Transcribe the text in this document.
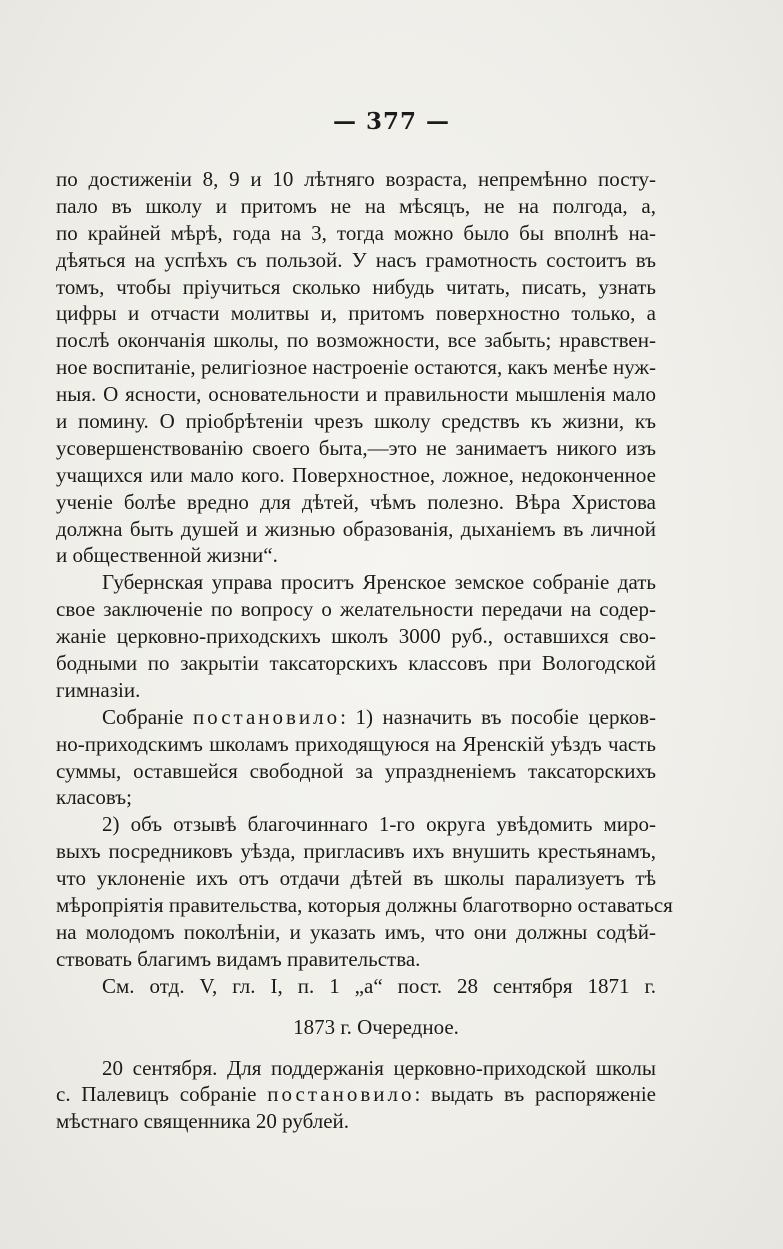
— 377 —
по достиженіи 8, 9 и 10 лѣтняго возраста, непремѣнно посту-
пало въ школу и притомъ не на мѣсяцъ, не на полгода, а,
по крайней мѣрѣ, года на 3, тогда можно было бы вполнѣ на-
дѣяться на успѣхъ съ пользой. У насъ грамотность состоитъ въ
томъ, чтобы пріучиться сколько нибудь читать, писать, узнать
цифры и отчасти молитвы и, притомъ поверхностно только, а
послѣ окончанія школы, по возможности, все забыть; нравствен-
ное воспитаніе, религіозное настроеніе остаются, какъ менѣе нуж-
ныя. О ясности, основательности и правильности мышленія мало
и помину. О пріобрѣтеніи чрезъ школу средствъ къ жизни, къ
усовершенствованію своего быта,—это не занимаетъ никого изъ
учащихся или мало кого. Поверхностное, ложное, недоконченное
ученіе болѣе вредно для дѣтей, чѣмъ полезно. Вѣра Христова
должна быть душей и жизнью образованія, дыханіемъ въ личной
и общественной жизни“.
Губернская управа проситъ Яренское земское собраніе дать
свое заключеніе по вопросу о желательности передачи на содер-
жаніе церковно-приходскихъ школъ 3000 руб., оставшихся сво-
бодными по закрытіи таксаторскихъ классовъ при Вологодской
гимназіи.
Собраніе постановило: 1) назначить въ пособіе церков-
но-приходскимъ школамъ приходящуюся на Яренскій уѣздъ часть
суммы, оставшейся свободной за упраздненіемъ таксаторскихъ
класовъ;
2) объ отзывѣ благочиннаго 1-го округа увѣдомить миро-
выхъ посредниковъ уѣзда, пригласивъ ихъ внушить крестьянамъ,
что уклоненіе ихъ отъ отдачи дѣтей въ школы парализуетъ тѣ
мѣропріятія правительства, которыя должны благотворно оставаться
на молодомъ поколѣніи, и указать имъ, что они должны содѣй-
ствовать благимъ видамъ правительства.
См. отд. V, гл. I, п. 1 „а“ пост. 28 сентября 1871 г.
1873 г. Очередное.
20 сентября. Для поддержанія церковно-приходской школы
с. Палевицъ собраніе постановило: выдать въ распоряженіе
мѣстнаго священника 20 рублей.
